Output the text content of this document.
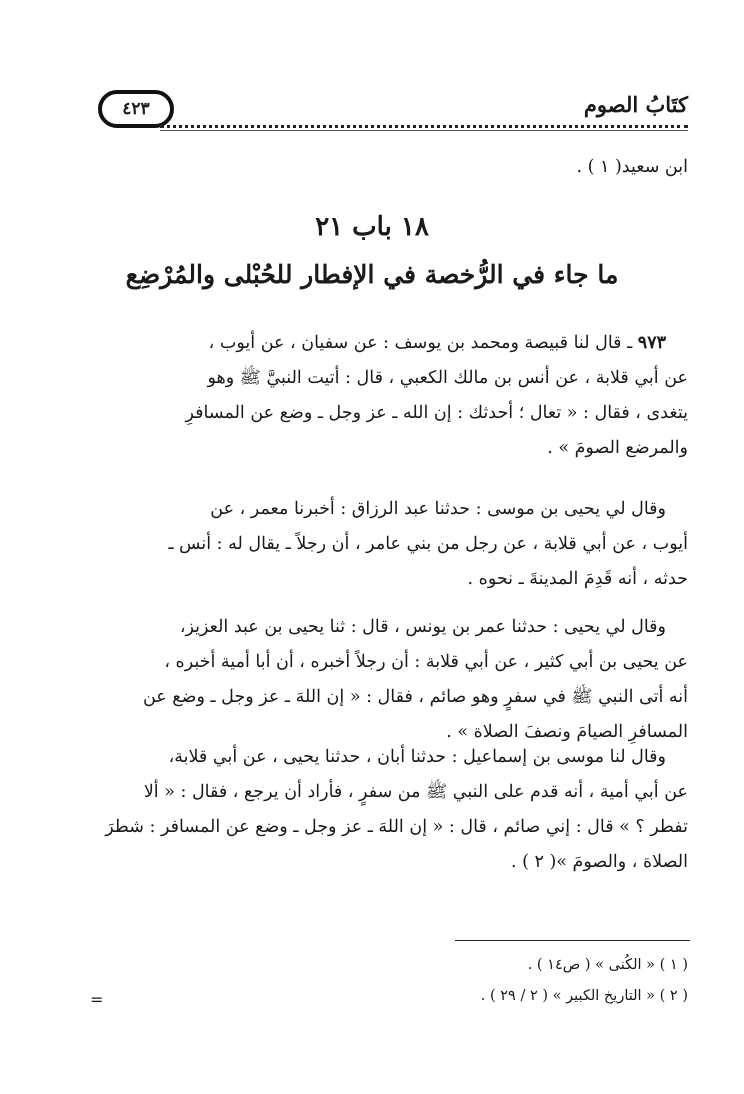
٤٢٣	كتَابُ الصوم
ابن سعيد( ١ ) .
١٨ باب ٢١
ما جاء في الرُّخصة في الإفطار للحُبْلى والمُرْضِع
٩٧٣ ـ قال لنا قبيصة ومحمد بن يوسف : عن سفيان ، عن أيوب ،
عن أبي قلابة ، عن أنس بن مالك الكعبي ، قال : أتيت النبيَّ ﷺ وهو
يتغدى ، فقال : « تعال ؛ أحدثك : إن الله ـ عز وجل ـ وضع عن المسافرِ
والمرضع الصومَ » .
وقال لي يحيى بن موسى : حدثنا عبد الرزاق : أخبرنا معمر ، عن
أيوب ، عن أبي قلابة ، عن رجل من بني عامر ، أن رجلاً ـ يقال له : أنس ـ
حدثه ، أنه قَدِمَ المدينةَ ـ نحوه .
وقال لي يحيى : حدثنا عمر بن يونس ، قال : ثنا يحيى بن عبد العزيز،
عن يحيى بن أبي كثير ، عن أبي قلابة : أن رجلاً أخبره ، أن أبا أمية أخبره ،
أنه أتى النبي ﷺ في سفرٍ وهو صائم ، فقال : « إن اللهَ ـ عز وجل ـ وضع عن
المسافرِ الصيامَ ونصفَ الصلاة » .
وقال لنا موسى بن إسماعيل : حدثنا أبان ، حدثنا يحيى ، عن أبي قلابة،
عن أبي أمية ، أنه قدم على النبي ﷺ من سفرٍ ، فأراد أن يرجع ، فقال : « ألا
تفطر ؟ » قال : إني صائم ، قال : « إن اللهَ ـ عز وجل ـ وضع عن المسافر : شطرَ
الصلاة ، والصومَ »( ٢ ) .
( ١ ) « الكُنى » ( ص١٤ ) .
( ٢ ) « التاريخ الكبير » ( ٢ / ٢٩ ) .
=
